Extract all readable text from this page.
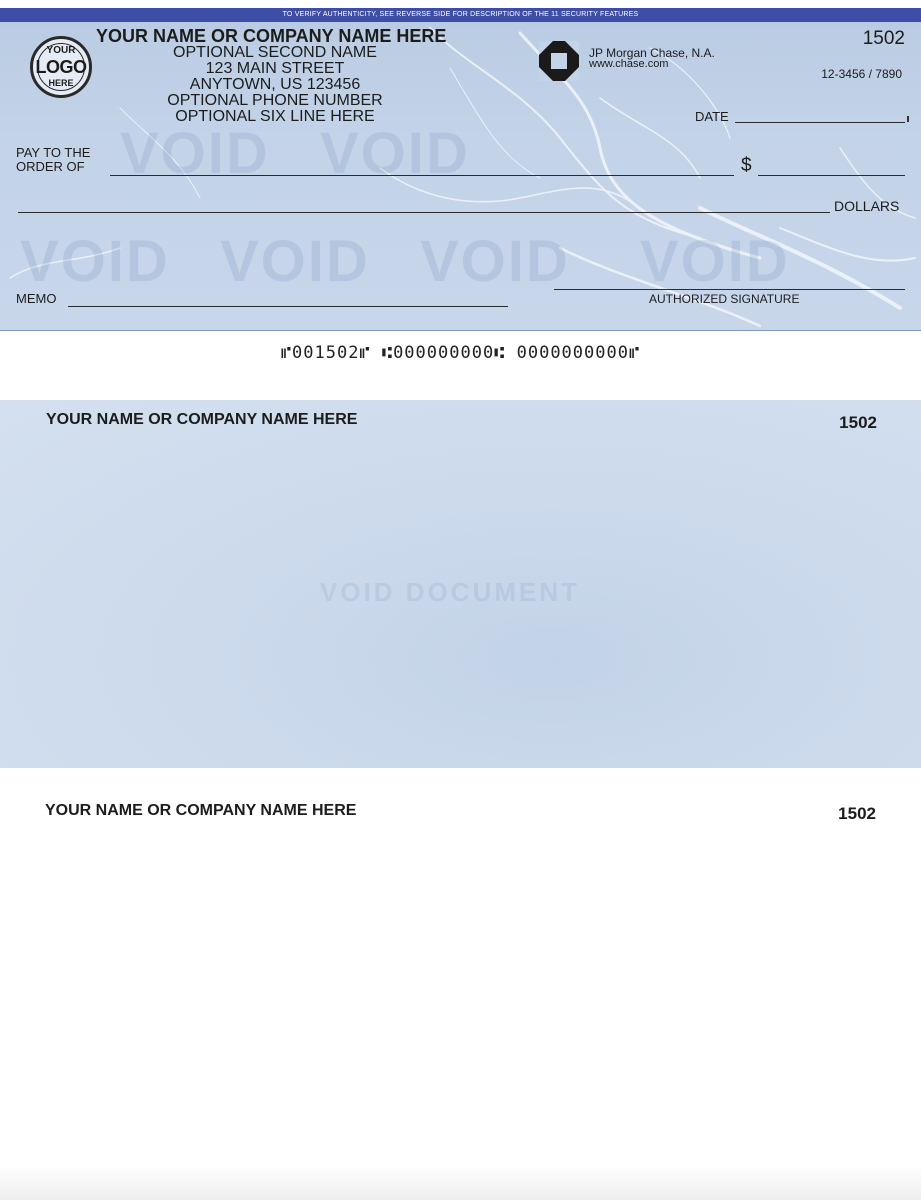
TO VERIFY AUTHENTICITY, SEE REVERSE SIDE FOR DESCRIPTION OF THE 11 SECURITY FEATURES
VOID VOID
VOID VOID VOID VOID
YOUR
LOGO
HERE
YOUR NAME OR COMPANY NAME HERE
OPTIONAL SECOND NAME
123 MAIN STREET
ANYTOWN, US 123456
OPTIONAL PHONE NUMBER
OPTIONAL SIX LINE HERE
JP Morgan Chase, N.A.
www.chase.com
1502
12-3456 / 7890
DATE
PAY TO THE
ORDER OF	$
DOLLARS
MEMO	AUTHORIZED SIGNATURE
⑈001502⑈ ⑆000000000⑆ 0000000000⑈
YOUR NAME OR COMPANY NAME HERE	1502
VOID DOCUMENT
YOUR NAME OR COMPANY NAME HERE	1502
